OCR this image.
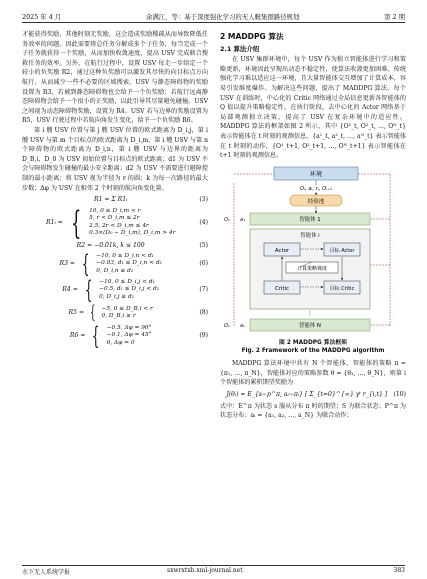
2025 年 4 月	余满江，等：基于深度强化学习的无人艇集群路径规划	第 2 期

才能获得奖励，其他时刻无奖励，这会造成奖励稀疏从而导致降低任务效率的问题。因此需要将总任务分解成多个子任务，每当完成一个子任务就获得一个奖励，从而加快收敛速度，提高 USV 完成联合搜救任务的效率。另外，在航行过程中，设置 USV 每走一步给定一个较小的负奖励 R2，通过这种负奖励可以激发其尽快的向目标点方向航行，从而减少一些不必要的区域搜索。USV 与静态障碍物的奖励设置为 R3，若被到静态障碍物也会给予一个负奖励；若航行远离静态障碍物会给予一个很小的正奖励，以此引导其尽量避免碰撞。USV 之间视为动态障碍物奖励，设置为 R4。USV 若与边界的奖励设置为 R5，USV 行驶过程中若航向角发生变化，给予一个负奖励 R6。

第 i 艘 USV 位置与第 j 艘 USV 位置的欧式距离为 D_i,j，第 i 艘 USV 与第 m 个目标点的欧式距离为 D_i,m，第 i 艘 USV 与第 n 个障碍物的欧式距离为 D_i,n，第 i 艘 USV 与边界的距离为 D_B,i，D_0 为 USV 初始位置与目标点的欧式距离；d1 为 USV 不会与障碍物发生碰撞的最小安全距离；d2 为 USV 不需要进行避障控制的最小距离；将 USV 视为半径为 r 的圆；k 为每一次路径的最大步数；Δφ 为 USV 在相邻 2 个时刻的航向角变化量。

R1 = Σ R1ᵢ	(3)
R1ᵢ = { 10, 0 ≤ D_i,m < r
5, r < D_i,m ≤ 2r
2.5, 2r < D_i,m ≤ 4r
0.3×(D₀ − D_i,m), D_i,m > 4r
(4)
R2 = −0.01k, k ≤ 100	(5)
R3 = { −10, 0 ≤ D_i,n < d₁
−0.03, d₁ ≤ D_i,n < d₂
0, D_i,n ≥ d₂
(6)
R4 = { −10, 0 ≤ D_i,j < d₁
−0.5, d₁ ≤ D_i,j < d₂
0, D_i,j ≥ d₂
(7)
R5 = { −5, 0 ≤ D_B,i < r
0, D_B,i ≥ r	(8)
R6 = { −0.5, Δφ = 90°
−0.1, Δφ = 45°
0, Δφ = 0
(9)
2 MADDPG 算法
2.1 算法介绍

在 USV 集群环境中，每个 USV 作为独立智能体进行学习和策略更新，环境因此呈现出动态不稳定性，使算法收敛更加困难。传统强化学习难以适应这一环境，且大量智能体交互增加了计算成本，容易引发维度爆炸。为解决这些问题，提出了 MADDPG 算法。每个 USV 在训练时，中心化的 Critic 网络通过全局信息更新各智能体的 Q 值以提升策略稳定性，在执行阶段，去中心化的 Actor 网络基于局部观测独立决策，提高了 USV 在复杂环境中的适应性。MADDPG 算法的框架如图 2 所示，其中 {O¹_t, O²_t, …, Oᴺ_t} 表示智能体在 t 时刻的观测信息，{a¹_t, a²_t, …, aᴺ_t} 表示智能体在 t 时刻的动作，{O¹_t+1, O²_t+1, …, Oᴺ_t+1} 表示智能体在 t+1 时刻的观测信息。

环境
Oᵢ, aᵢ, rᵢ, Oᵢ₊₁
经验池
智能体 1
智能体 i
Actor	目标 Actor
计算策略梯度
Critic	目标 Critic
⋮
智能体 N
O₁ a₁
Oₙ aₙ
图 2 MADDPG 算法框架
Fig. 2 Framework of the MADDPG algorithm

MADDPG 算法环境中共有 N 个智能体，智能体的策略 π = {π₁, …, π_N}，智能体对应的策略参数 θ = {θ₁, …, θ_N}，则第 i 个智能体的累积期望奖励为

J(θᵢ) = E_{s∼p^π, aᵢ∼πᵢ} [ Σ_{t=0}^{∞} γᵗ r_{i,t} ]	(10)

式中：E^π 为状态 s 服从分布 π 时的期望；S 为联合状态；P^π 为状态分布；aᵢ = {a₁, a₂, …, a_N} 为联合动作；

水下无人系统学报	sxwrxtxb.xml-journal.net	383
